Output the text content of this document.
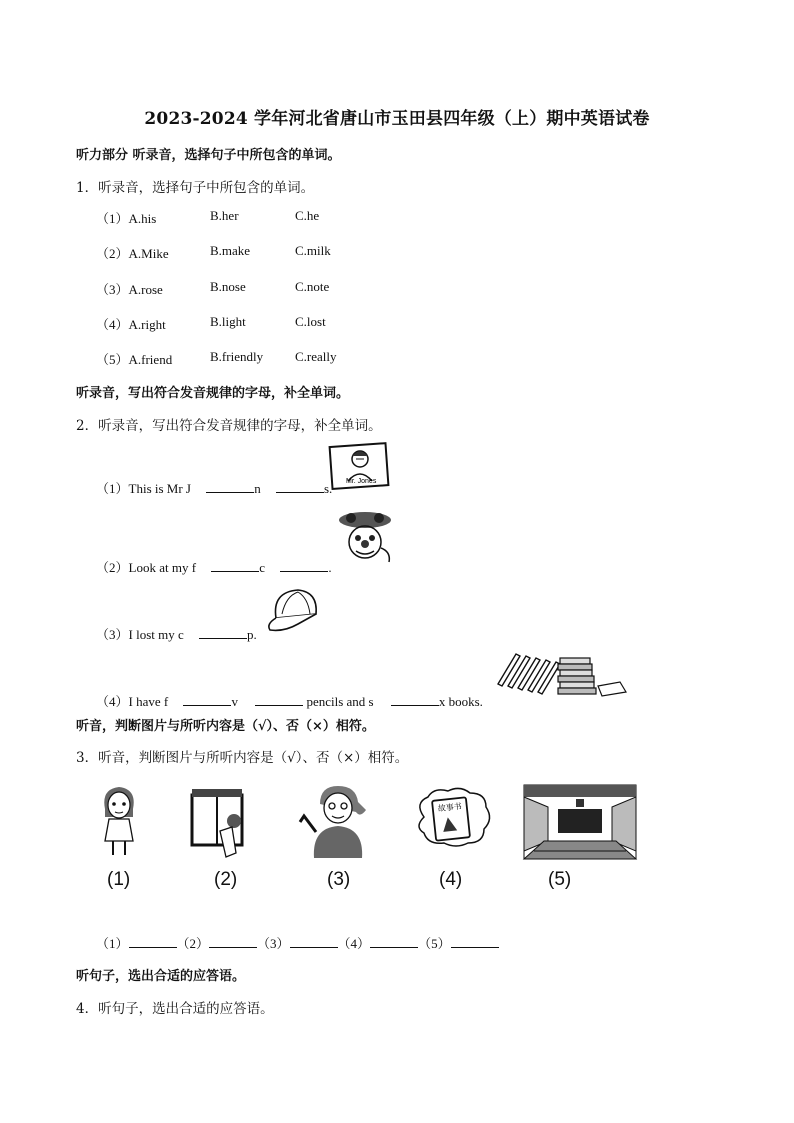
2023-2024 学年河北省唐山市玉田县四年级（上）期中英语试卷
听力部分 听录音，选择句子中所包含的单词。
1．听录音，选择句子中所包含的单词。
（1）A.his	B.her	C.he
（2）A.Mike	B.make	C.milk
（3）A.rose	B.nose	C.note
（4）A.right	B.light	C.lost
（5）A.friend	B.friendly C.really
听录音，写出符合发音规律的字母，补全单词。
2．听录音，写出符合发音规律的字母，补全单词。
（1）This is Mr J	n	s. Mr. Jones
（2）Look at my f	c	.
（3）I lost my c	p.
（4）I have f	v	pencils and s	x books.
听音，判断图片与所听内容是（√）、否（×）相符。
3．听音，判断图片与所听内容是（√）、否（×）相符。
故事书
(1)	(2)	(3)	(4)	(5)
（1）	（2）	（3）	（4）	（5）
听句子，选出合适的应答语。
4．听句子，选出合适的应答语。
